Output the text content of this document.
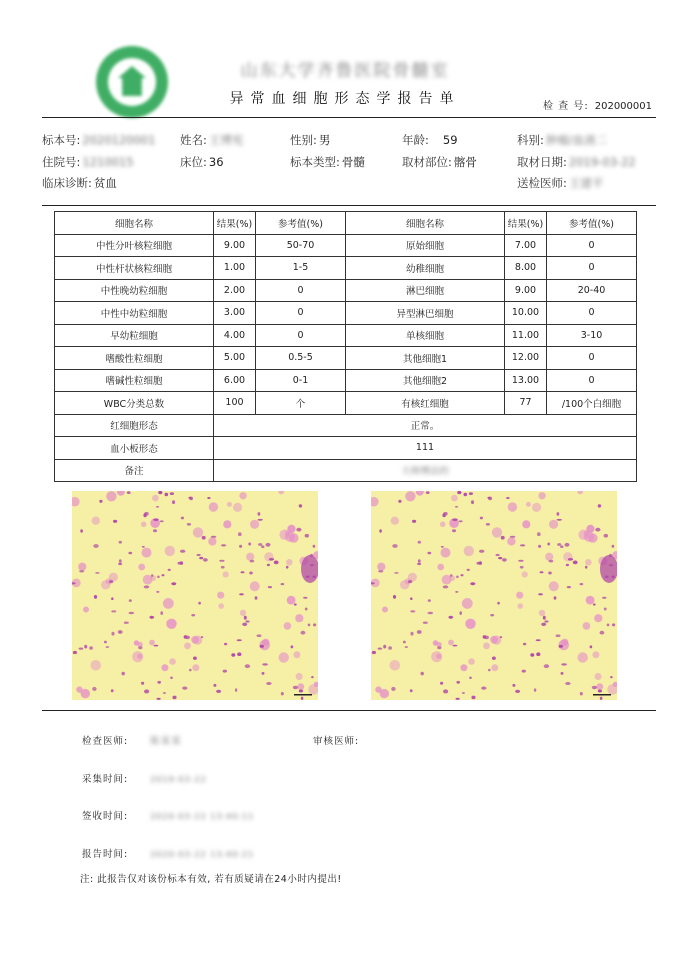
山东大学齐鲁医院骨髓室
异常血细胞形态学报告单	检 查 号: 202000001
标本号: 2020120001 姓名: 王博宪	性别: 男	年龄: 59	科别: 肿瘤/血液二
住院号: 1210015	床位: 36	标本类型: 骨髓	取材部位: 髂骨	取材日期: 2019-03-22
临床诊断: 贫血	送检医师: 王建平
细胞名称	结果(%)	参考值(%)	细胞名称	结果(%)	参考值(%)
中性分叶核粒细胞	9.00	50-70	原始细胞	7.00	0
中性杆状核粒细胞	1.00	1-5	幼稚细胞	8.00	0
中性晚幼粒细胞	2.00	0	淋巴细胞	9.00	20-40
中性中幼粒细胞	3.00	0	异型淋巴细胞	10.00	0
早幼粒细胞	4.00	0	单核细胞	11.00	3-10
嗜酸性粒细胞	5.00	0.5-5	其他细胞1	12.00	0
嗜碱性粒细胞	6.00	0-1	其他细胞2	13.00	0
WBC分类总数	100	个	有核红细胞	77	/100个白细胞
红细胞形态	正常。				
血小板形态	111				
备注	大师傅法的				
检查医师: 陈某某	审核医师:
采集时间:	2019-03-22
签收时间:	2020-03-22 13:40:11
报告时间:	2020-03-22 13:40:21
注: 此报告仅对该份标本有效, 若有质疑请在24小时内提出!
